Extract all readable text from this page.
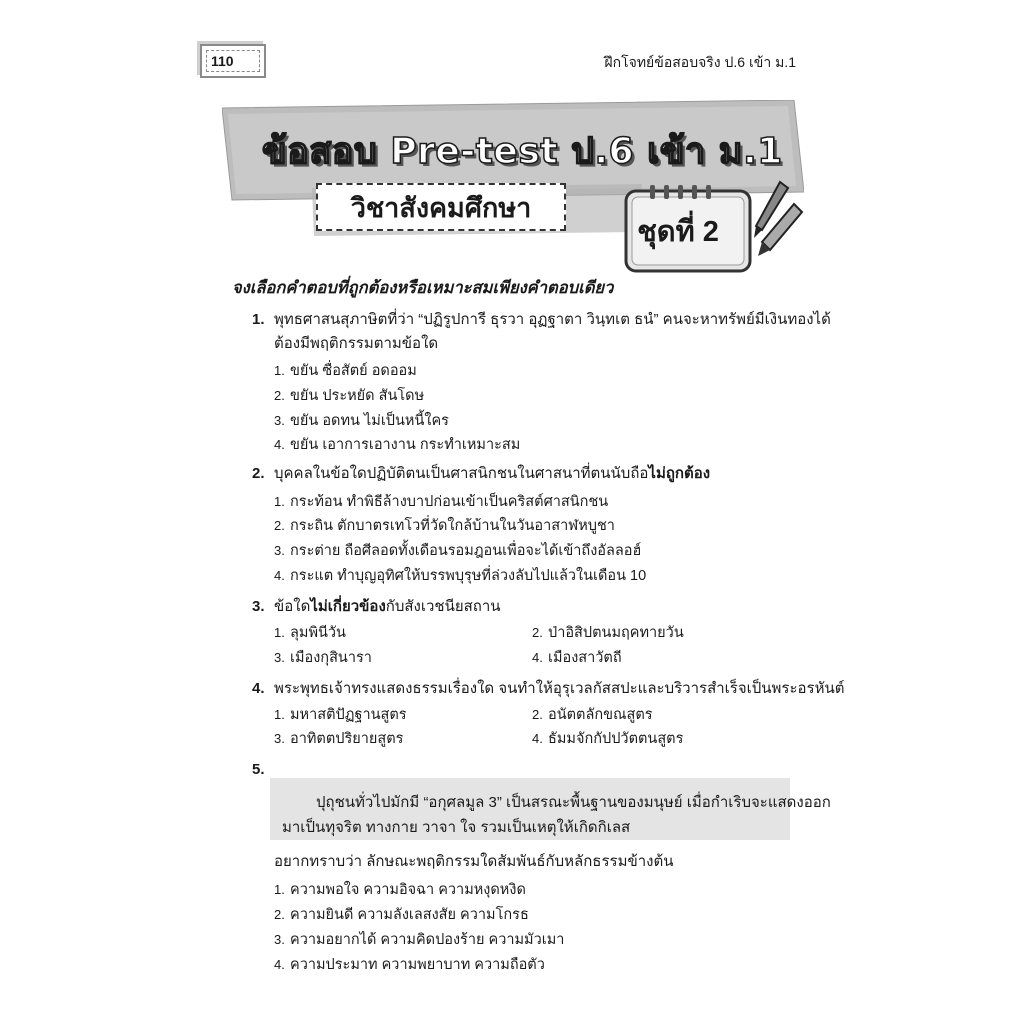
110	ฝึกโจทย์ข้อสอบจริง ป.6 เข้า ม.1
ข้อสอบ Pre-test ป.6 เข้า ม.1
วิชาสังคมศึกษา
ชุดที่ 2
จงเลือกคำตอบที่ถูกต้องหรือเหมาะสมเพียงคำตอบเดียว
1. พุทธศาสนสุภาษิตที่ว่า “ปฏิรูปการี ธุรวา อุฏฐาตา วินฺทเต ธนํ” คนจะหาทรัพย์มีเงินทองได้
ต้องมีพฤติกรรมตามข้อใด
1. ขยัน ซื่อสัตย์ อดออม
2. ขยัน ประหยัด สันโดษ
3. ขยัน อดทน ไม่เป็นหนี้ใคร
4. ขยัน เอาการเอางาน กระทำเหมาะสม
2. บุคคลในข้อใดปฏิบัติตนเป็นศาสนิกชนในศาสนาที่ตนนับถือไม่ถูกต้อง
1. กระท้อน ทำพิธีล้างบาปก่อนเข้าเป็นคริสต์ศาสนิกชน
2. กระถิน ตักบาตรเทโวที่วัดใกล้บ้านในวันอาสาฬหบูชา
3. กระต่าย ถือศีลอดทั้งเดือนรอมฎอนเพื่อจะได้เข้าถึงอัลลอฮ์
4. กระแต ทำบุญอุทิศให้บรรพบุรุษที่ล่วงลับไปแล้วในเดือน 10
3. ข้อใดไม่เกี่ยวข้องกับสังเวชนียสถาน
1. ลุมพินีวัน	2. ป่าอิสิปตนมฤคทายวัน
3. เมืองกุสินารา	4. เมืองสาวัตถี
4. พระพุทธเจ้าทรงแสดงธรรมเรื่องใด จนทำให้อุรุเวลกัสสปะและบริวารสำเร็จเป็นพระอรหันต์
1. มหาสติปัฏฐานสูตร	2. อนัตตลักขณสูตร
3. อาทิตตปริยายสูตร	4. ธัมมจักกัปปวัตตนสูตร
5.
ปุถุชนทั่วไปมักมี “อกุศลมูล 3” เป็นสรณะพื้นฐานของมนุษย์ เมื่อกำเริบจะแสดงออก
มาเป็นทุจริต ทางกาย วาจา ใจ รวมเป็นเหตุให้เกิดกิเลส
อยากทราบว่า ลักษณะพฤติกรรมใดสัมพันธ์กับหลักธรรมข้างต้น
1. ความพอใจ ความอิจฉา ความหงุดหงิด
2. ความยินดี ความลังเลสงสัย ความโกรธ
3. ความอยากได้ ความคิดปองร้าย ความมัวเมา
4. ความประมาท ความพยาบาท ความถือตัว
